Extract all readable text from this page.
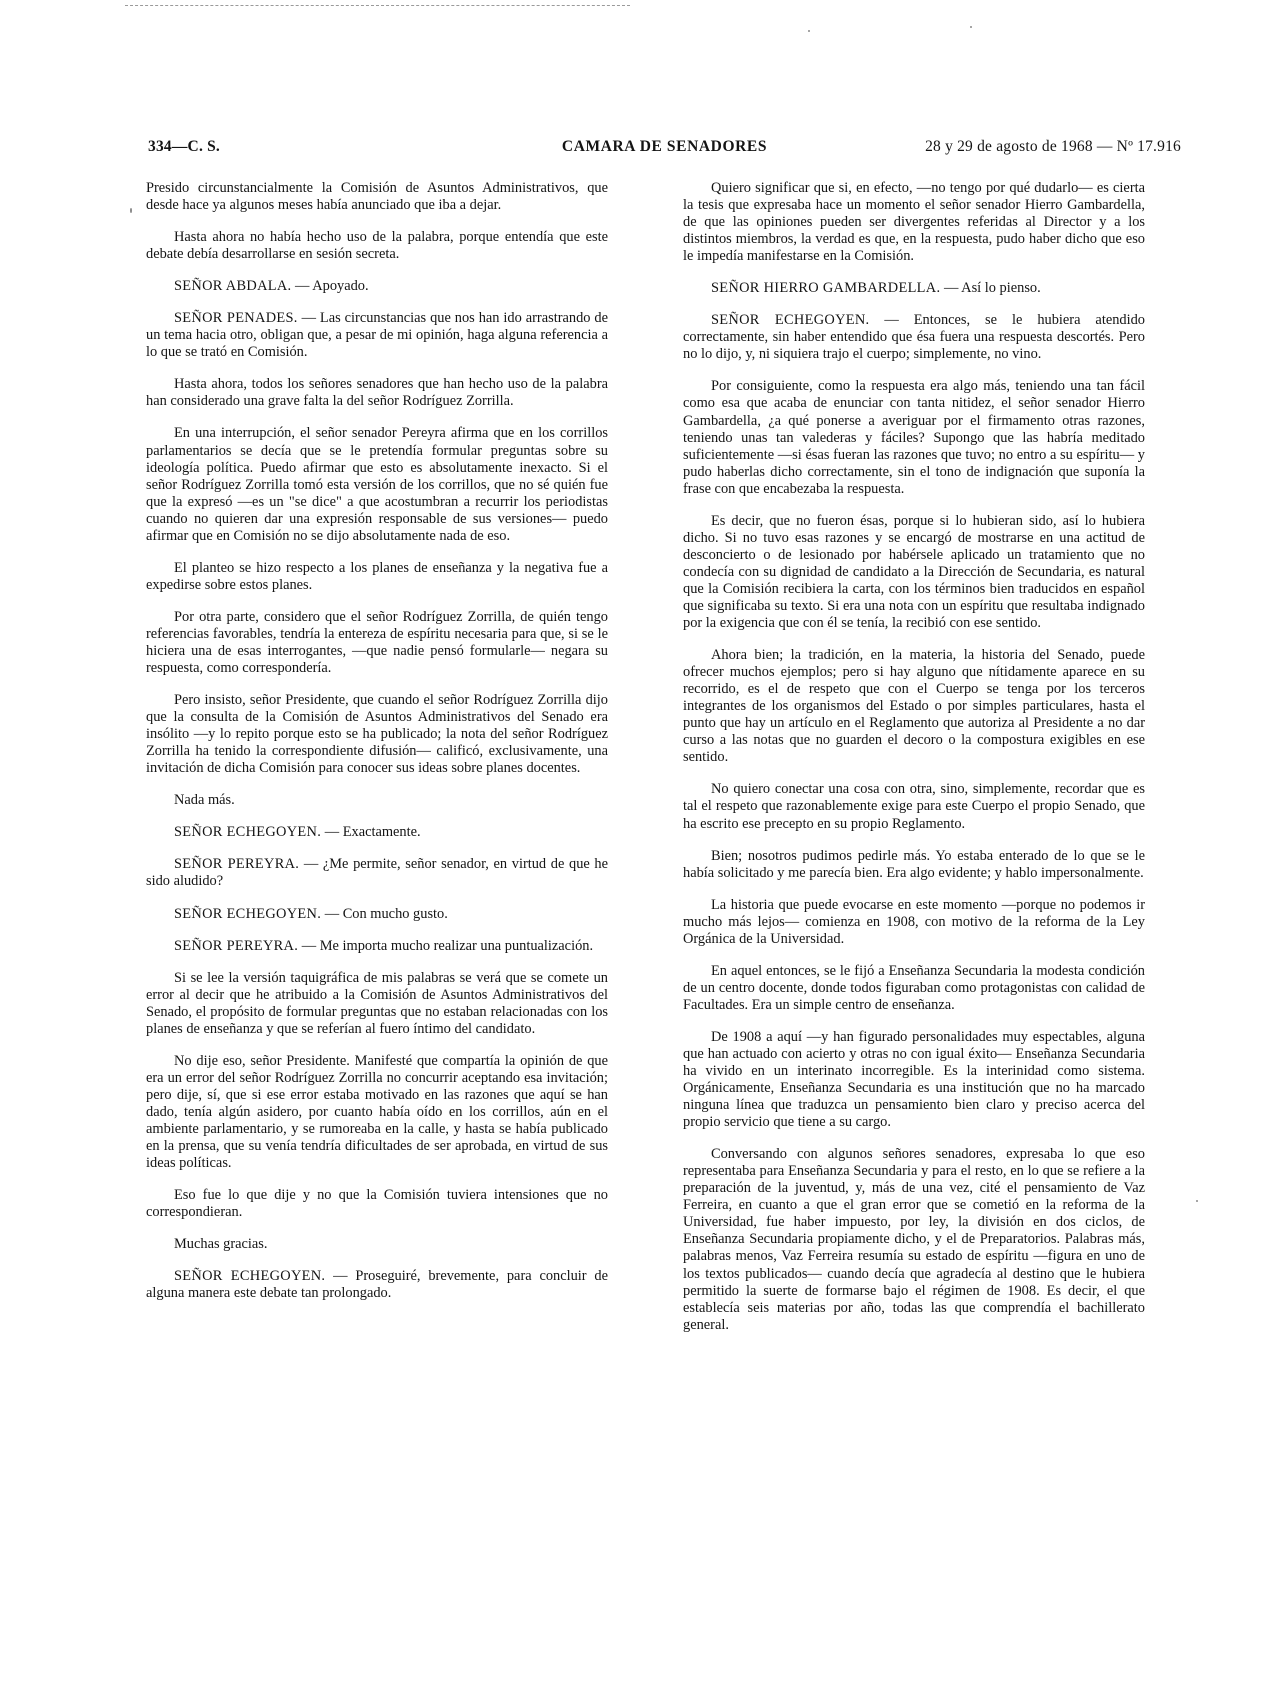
334—C. S.	CAMARA DE SENADORES	28 y 29 de agosto de 1968 — Nº 17.916

Presido circunstancialmente la Comisión de Asuntos Administrativos, que desde hace ya algunos meses había anunciado que iba a dejar.

Hasta ahora no había hecho uso de la palabra, porque entendía que este debate debía desarrollarse en sesión secreta.

SEÑOR ABDALA. — Apoyado.

SEÑOR PENADES. — Las circunstancias que nos han ido arrastrando de un tema hacia otro, obligan que, a pesar de mi opinión, haga alguna referencia a lo que se trató en Comisión.

Hasta ahora, todos los señores senadores que han hecho uso de la palabra han considerado una grave falta la del señor Rodríguez Zorrilla.

En una interrupción, el señor senador Pereyra afirma que en los corrillos parlamentarios se decía que se le pretendía formular preguntas sobre su ideología política. Puedo afirmar que esto es absolutamente inexacto. Si el señor Rodríguez Zorrilla tomó esta versión de los corrillos, que no sé quién fue que la expresó —es un "se dice" a que acostumbran a recurrir los periodistas cuando no quieren dar una expresión responsable de sus versiones— puedo afirmar que en Comisión no se dijo absolutamente nada de eso.

El planteo se hizo respecto a los planes de enseñanza y la negativa fue a expedirse sobre estos planes.

Por otra parte, considero que el señor Rodríguez Zorrilla, de quién tengo referencias favorables, tendría la entereza de espíritu necesaria para que, si se le hiciera una de esas interrogantes, —que nadie pensó formularle— negara su respuesta, como correspondería.

Pero insisto, señor Presidente, que cuando el señor Rodríguez Zorrilla dijo que la consulta de la Comisión de Asuntos Administrativos del Senado era insólito —y lo repito porque esto se ha publicado; la nota del señor Rodríguez Zorrilla ha tenido la correspondiente difusión— calificó, exclusivamente, una invitación de dicha Comisión para conocer sus ideas sobre planes docentes.

Nada más.

SEÑOR ECHEGOYEN. — Exactamente.

SEÑOR PEREYRA. — ¿Me permite, señor senador, en virtud de que he sido aludido?

SEÑOR ECHEGOYEN. — Con mucho gusto.

SEÑOR PEREYRA. — Me importa mucho realizar una puntualización.

Si se lee la versión taquigráfica de mis palabras se verá que se comete un error al decir que he atribuido a la Comisión de Asuntos Administrativos del Senado, el propósito de formular preguntas que no estaban relacionadas con los planes de enseñanza y que se referían al fuero íntimo del candidato.

No dije eso, señor Presidente. Manifesté que compartía la opinión de que era un error del señor Rodríguez Zorrilla no concurrir aceptando esa invitación; pero dije, sí, que si ese error estaba motivado en las razones que aquí se han dado, tenía algún asidero, por cuanto había oído en los corrillos, aún en el ambiente parlamentario, y se rumoreaba en la calle, y hasta se había publicado en la prensa, que su venía tendría dificultades de ser aprobada, en virtud de sus ideas políticas.

Eso fue lo que dije y no que la Comisión tuviera intensiones que no correspondieran.

Muchas gracias.

SEÑOR ECHEGOYEN. — Proseguiré, brevemente, para concluir de alguna manera este debate tan prolongado.

Quiero significar que si, en efecto, —no tengo por qué dudarlo— es cierta la tesis que expresaba hace un momento el señor senador Hierro Gambardella, de que las opiniones pueden ser divergentes referidas al Director y a los distintos miembros, la verdad es que, en la respuesta, pudo haber dicho que eso le impedía manifestarse en la Comisión.

SEÑOR HIERRO GAMBARDELLA. — Así lo pienso.

SEÑOR ECHEGOYEN. — Entonces, se le hubiera atendido correctamente, sin haber entendido que ésa fuera una respuesta descortés. Pero no lo dijo, y, ni siquiera trajo el cuerpo; simplemente, no vino.

Por consiguiente, como la respuesta era algo más, teniendo una tan fácil como esa que acaba de enunciar con tanta nitidez, el señor senador Hierro Gambardella, ¿a qué ponerse a averiguar por el firmamento otras razones, teniendo unas tan valederas y fáciles? Supongo que las habría meditado suficientemente —si ésas fueran las razones que tuvo; no entro a su espíritu— y pudo haberlas dicho correctamente, sin el tono de indignación que suponía la frase con que encabezaba la respuesta.

Es decir, que no fueron ésas, porque si lo hubieran sido, así lo hubiera dicho. Si no tuvo esas razones y se encargó de mostrarse en una actitud de desconcierto o de lesionado por habérsele aplicado un tratamiento que no condecía con su dignidad de candidato a la Dirección de Secundaria, es natural que la Comisión recibiera la carta, con los términos bien traducidos en español que significaba su texto. Si era una nota con un espíritu que resultaba indignado por la exigencia que con él se tenía, la recibió con ese sentido.

Ahora bien; la tradición, en la materia, la historia del Senado, puede ofrecer muchos ejemplos; pero si hay alguno que nítidamente aparece en su recorrido, es el de respeto que con el Cuerpo se tenga por los terceros integrantes de los organismos del Estado o por simples particulares, hasta el punto que hay un artículo en el Reglamento que autoriza al Presidente a no dar curso a las notas que no guarden el decoro o la compostura exigibles en ese sentido.

No quiero conectar una cosa con otra, sino, simplemente, recordar que es tal el respeto que razonablemente exige para este Cuerpo el propio Senado, que ha escrito ese precepto en su propio Reglamento.

Bien; nosotros pudimos pedirle más. Yo estaba enterado de lo que se le había solicitado y me parecía bien. Era algo evidente; y hablo impersonalmente.

La historia que puede evocarse en este momento —porque no podemos ir mucho más lejos— comienza en 1908, con motivo de la reforma de la Ley Orgánica de la Universidad.

En aquel entonces, se le fijó a Enseñanza Secundaria la modesta condición de un centro docente, donde todos figuraban como protagonistas con calidad de Facultades. Era un simple centro de enseñanza.

De 1908 a aquí —y han figurado personalidades muy espectables, alguna que han actuado con acierto y otras no con igual éxito— Enseñanza Secundaria ha vivido en un interinato incorregible. Es la interinidad como sistema. Orgánicamente, Enseñanza Secundaria es una institución que no ha marcado ninguna línea que traduzca un pensamiento bien claro y preciso acerca del propio servicio que tiene a su cargo.

Conversando con algunos señores senadores, expresaba lo que eso representaba para Enseñanza Secundaria y para el resto, en lo que se refiere a la preparación de la juventud, y, más de una vez, cité el pensamiento de Vaz Ferreira, en cuanto a que el gran error que se cometió en la reforma de la Universidad, fue haber impuesto, por ley, la división en dos ciclos, de Enseñanza Secundaria propiamente dicho, y el de Preparatorios. Palabras más, palabras menos, Vaz Ferreira resumía su estado de espíritu —figura en uno de los textos publicados— cuando decía que agradecía al destino que le hubiera permitido la suerte de formarse bajo el régimen de 1908. Es decir, el que establecía seis materias por año, todas las que comprendía el bachillerato general.
